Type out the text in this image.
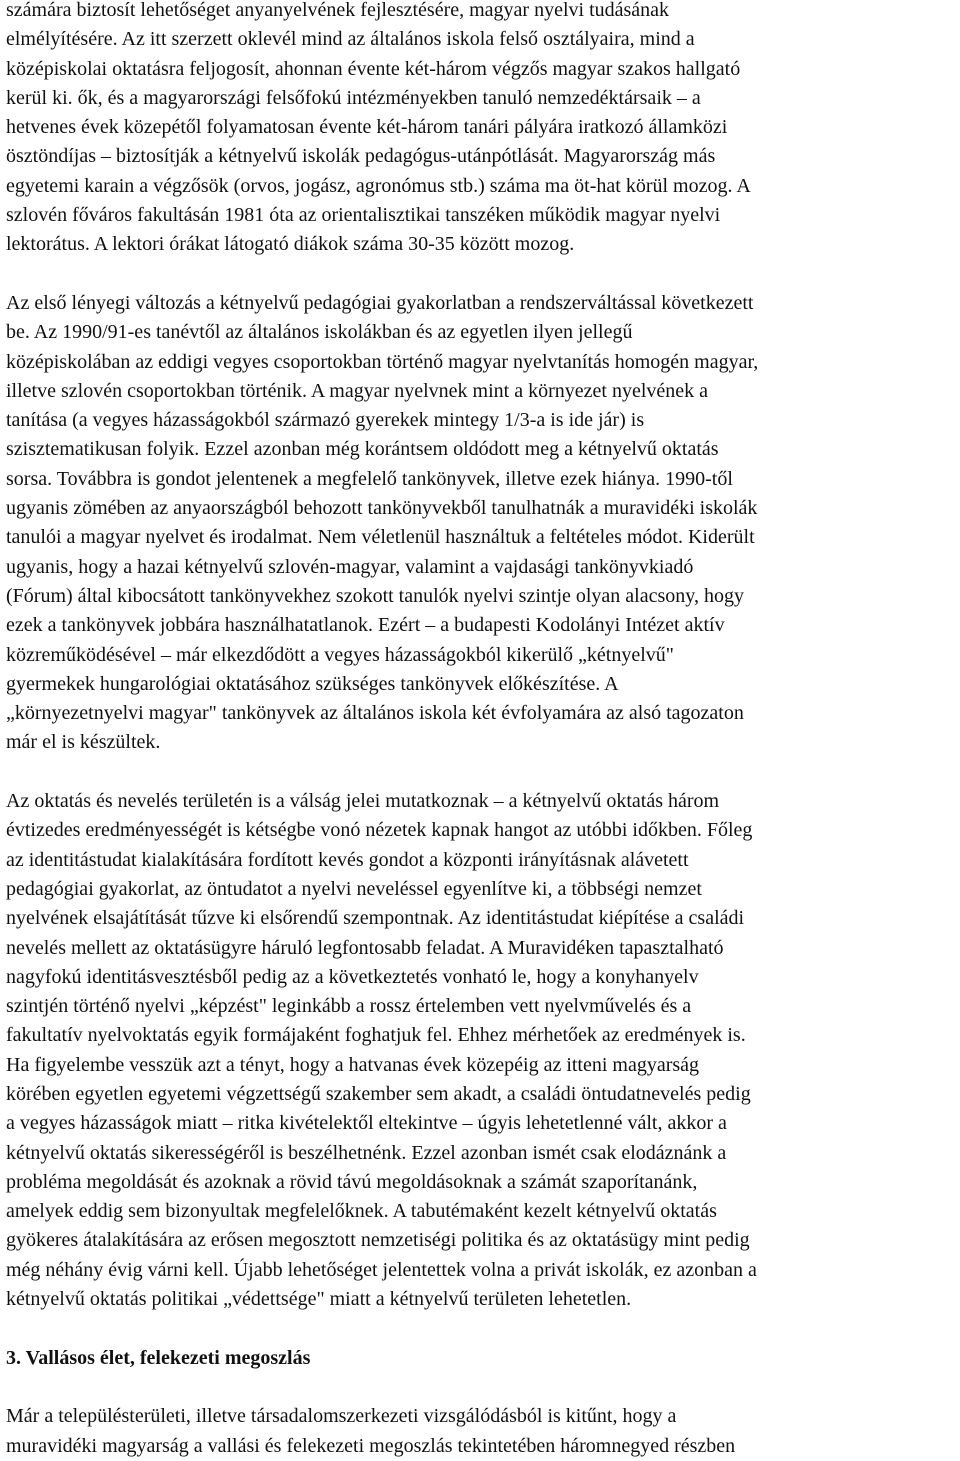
számára biztosít lehetőséget anyanyelvének fejlesztésére, magyar nyelvi tudásának
elmélyítésére. Az itt szerzett oklevél mind az általános iskola felső osztályaira, mind a
középiskolai oktatásra feljogosít, ahonnan évente két-három végzős magyar szakos hallgató
kerül ki. ők, és a magyarországi felsőfokú intézményekben tanuló nemzedéktársaik – a
hetvenes évek közepétől folyamatosan évente két-három tanári pályára iratkozó államközi
ösztöndíjas – biztosítják a kétnyelvű iskolák pedagógus-utánpótlását. Magyarország más
egyetemi karain a végzősök (orvos, jogász, agronómus stb.) száma ma öt-hat körül mozog. A
szlovén főváros fakultásán 1981 óta az orientalisztikai tanszéken működik magyar nyelvi
lektorátus. A lektori órákat látogató diákok száma 30-35 között mozog.
Az első lényegi változás a kétnyelvű pedagógiai gyakorlatban a rendszerváltással következett
be. Az 1990/91-es tanévtől az általános iskolákban és az egyetlen ilyen jellegű
középiskolában az eddigi vegyes csoportokban történő magyar nyelvtanítás homogén magyar,
illetve szlovén csoportokban történik. A magyar nyelvnek mint a környezet nyelvének a
tanítása (a vegyes házasságokból származó gyerekek mintegy 1/3-a is ide jár) is
szisztematikusan folyik. Ezzel azonban még korántsem oldódott meg a kétnyelvű oktatás
sorsa. Továbbra is gondot jelentenek a megfelelő tankönyvek, illetve ezek hiánya. 1990-től
ugyanis zömében az anyaországból behozott tankönyvekből tanulhatnák a muravidéki iskolák
tanulói a magyar nyelvet és irodalmat. Nem véletlenül használtuk a feltételes módot. Kiderült
ugyanis, hogy a hazai kétnyelvű szlovén-magyar, valamint a vajdasági tankönyvkiadó
(Fórum) által kibocsátott tankönyvekhez szokott tanulók nyelvi szintje olyan alacsony, hogy
ezek a tankönyvek jobbára használhatatlanok. Ezért – a budapesti Kodolányi Intézet aktív
közreműködésével – már elkezdődött a vegyes házasságokból kikerülő „kétnyelvű"
gyermekek hungarológiai oktatásához szükséges tankönyvek előkészítése. A
„környezetnyelvi magyar" tankönyvek az általános iskola két évfolyamára az alsó tagozaton
már el is készültek.
Az oktatás és nevelés területén is a válság jelei mutatkoznak – a kétnyelvű oktatás három
évtizedes eredményességét is kétségbe vonó nézetek kapnak hangot az utóbbi időkben. Főleg
az identitástudat kialakítására fordított kevés gondot a központi irányításnak alávetett
pedagógiai gyakorlat, az öntudatot a nyelvi neveléssel egyenlítve ki, a többségi nemzet
nyelvének elsajátítását tűzve ki elsőrendű szempontnak. Az identitástudat kiépítése a családi
nevelés mellett az oktatásügyre háruló legfontosabb feladat. A Muravidéken tapasztalható
nagyfokú identitásvesztésből pedig az a következtetés vonható le, hogy a konyhanyelv
szintjén történő nyelvi „képzést" leginkább a rossz értelemben vett nyelvművelés és a
fakultatív nyelvoktatás egyik formájaként foghatjuk fel. Ehhez mérhetőek az eredmények is.
Ha figyelembe vesszük azt a tényt, hogy a hatvanas évek közepéig az itteni magyarság
körében egyetlen egyetemi végzettségű szakember sem akadt, a családi öntudatnevelés pedig
a vegyes házasságok miatt – ritka kivételektől eltekintve – úgyis lehetetlenné vált, akkor a
kétnyelvű oktatás sikerességéről is beszélhetnénk. Ezzel azonban ismét csak elodáznánk a
probléma megoldását és azoknak a rövid távú megoldásoknak a számát szaporítanánk,
amelyek eddig sem bizonyultak megfelelőknek. A tabutémaként kezelt kétnyelvű oktatás
gyökeres átalakítására az erősen megosztott nemzetiségi politika és az oktatásügy mint pedig
még néhány évig várni kell. Újabb lehetőséget jelentettek volna a privát iskolák, ez azonban a
kétnyelvű oktatás politikai „védettsége" miatt a kétnyelvű területen lehetetlen.
3. Vallásos élet, felekezeti megoszlás
Már a településterületi, illetve társadalomszerkezeti vizsgálódásból is kitűnt, hogy a
muravidéki magyarság a vallási és felekezeti megoszlás tekintetében háromnegyed részben
